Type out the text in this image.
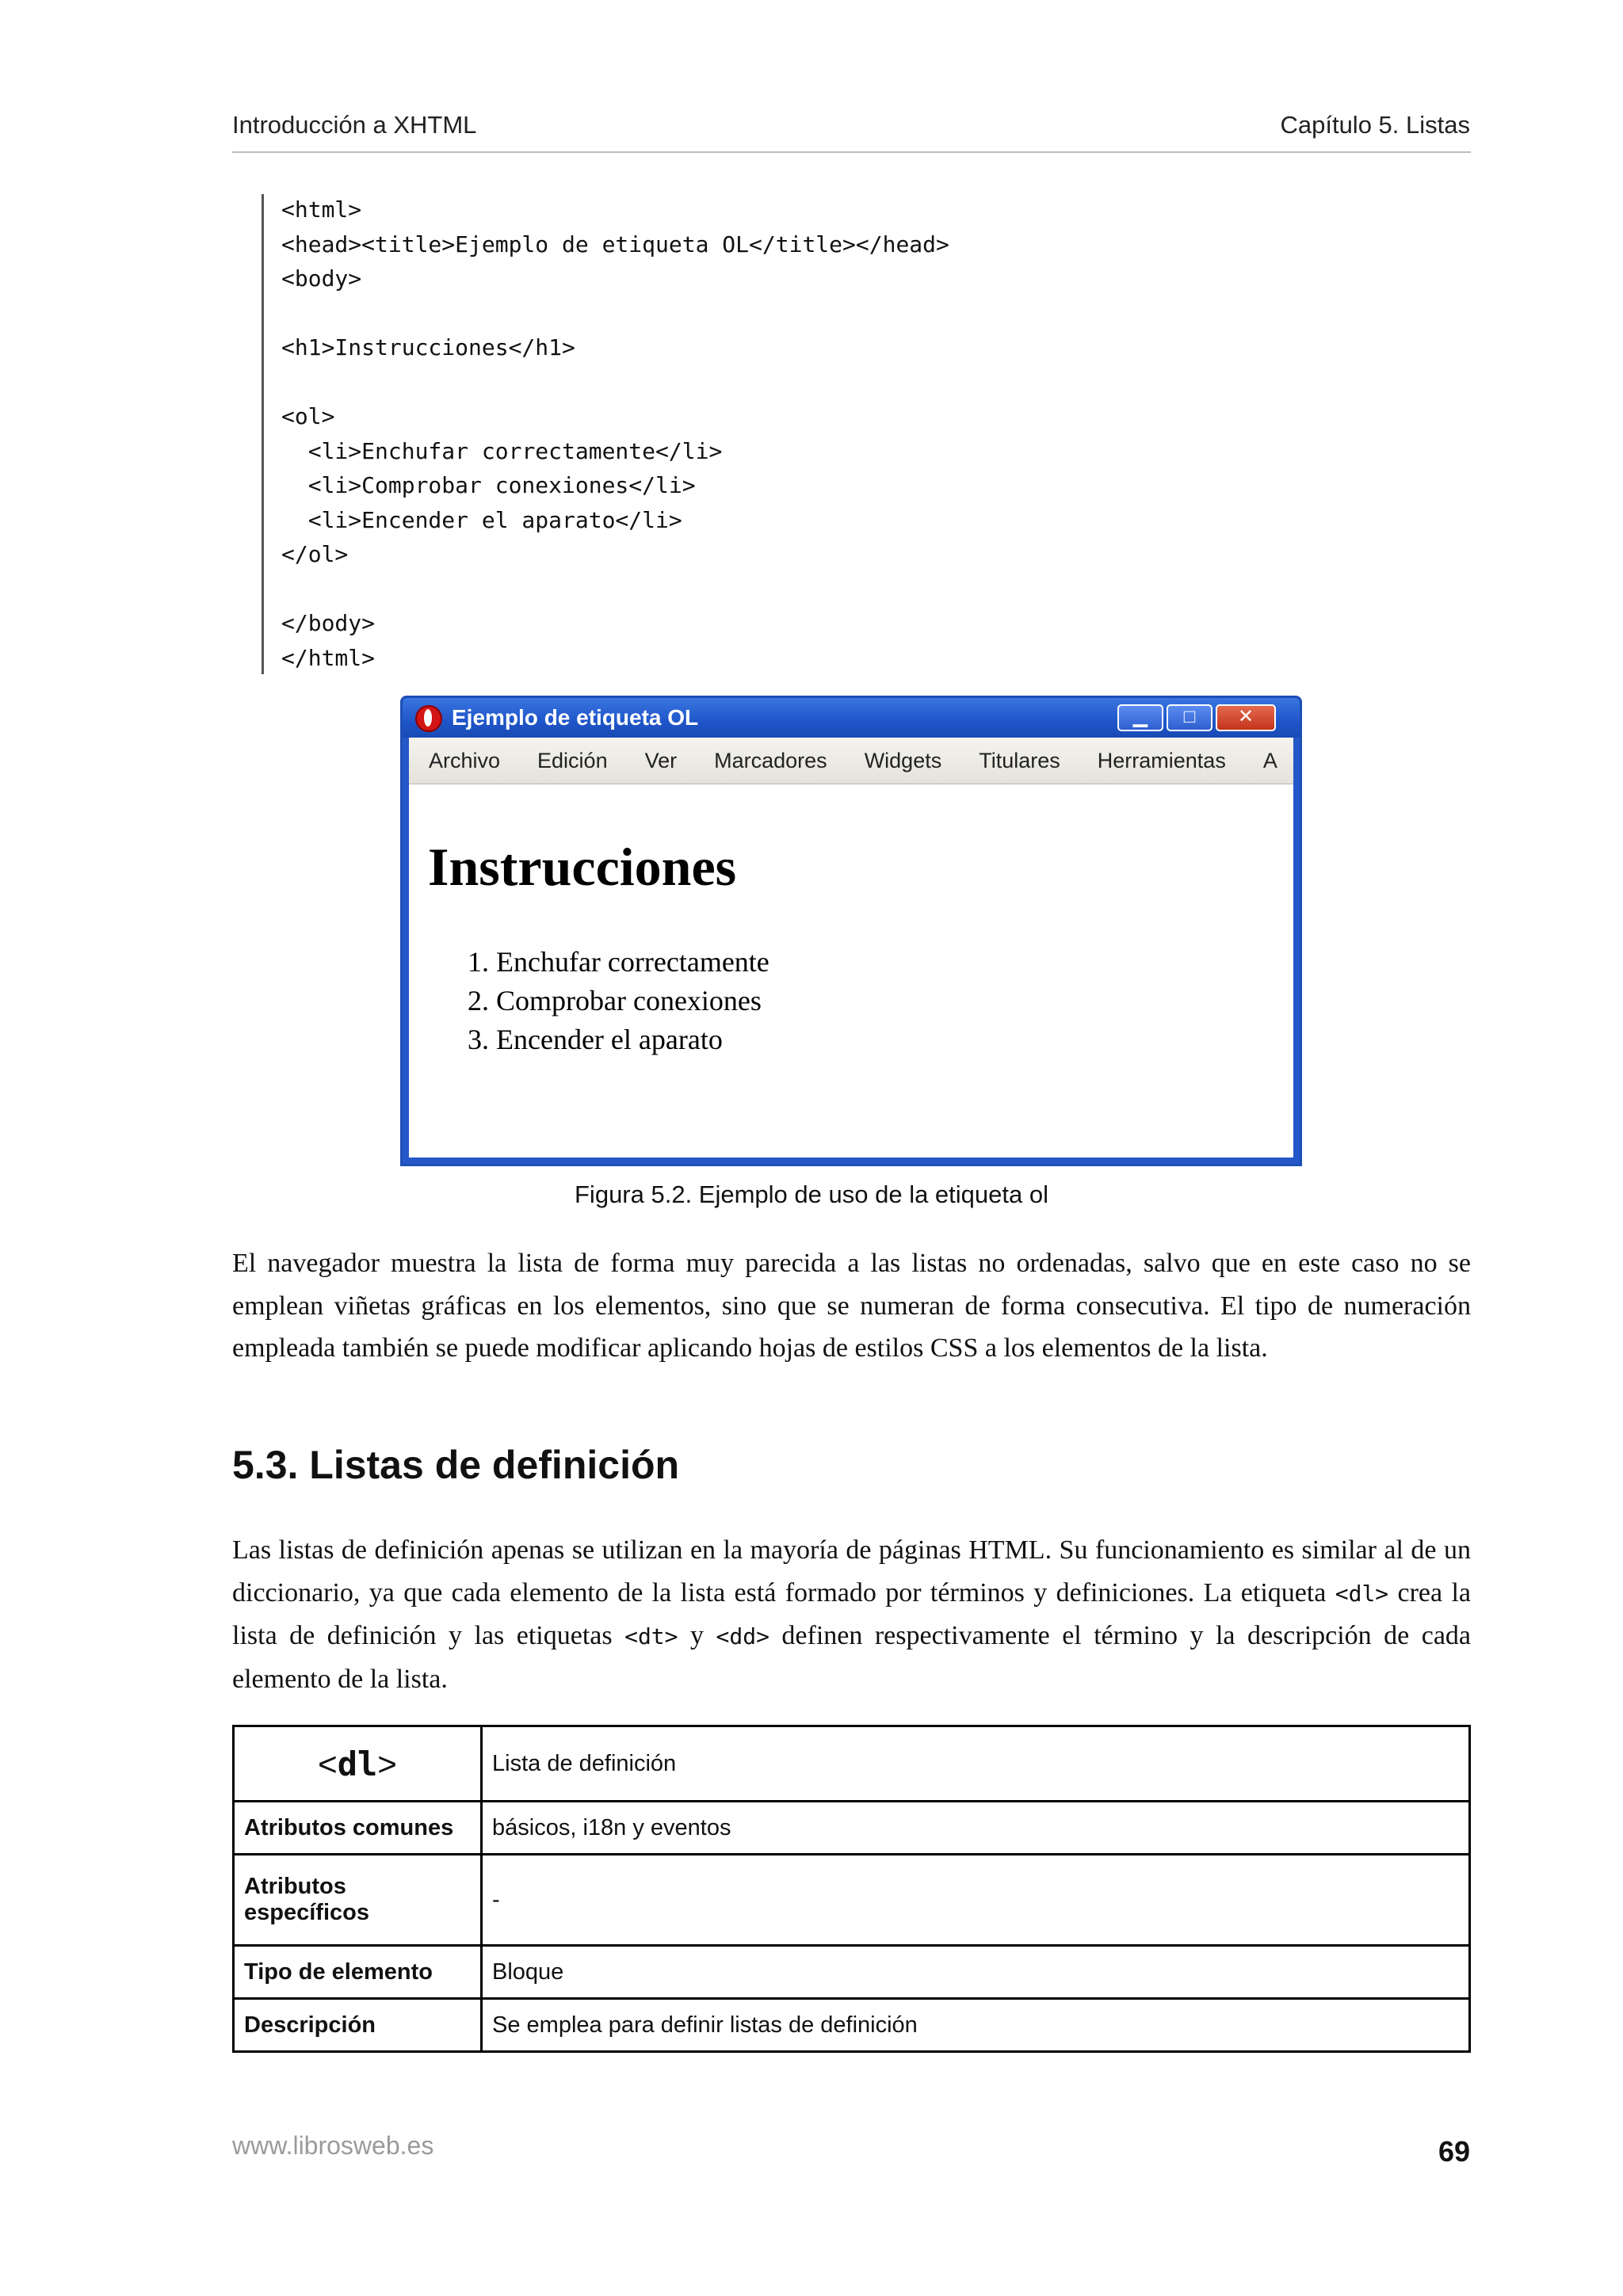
Introducción a XHTML	Capítulo 5. Listas
<html>
<head><title>Ejemplo de etiqueta OL</title></head>
<body>

<h1>Instrucciones</h1>

<ol>
<li>Enchufar correctamente</li>
<li>Comprobar conexiones</li>
<li>Encender el aparato</li>
</ol>

</body>
</html>
Ejemplo de etiqueta OL	▁	□	✕
Archivo Edición Ver Marcadores Widgets Titulares Herramientas A
Instrucciones
1. Enchufar correctamente
2. Comprobar conexiones
3. Encender el aparato
Figura 5.2. Ejemplo de uso de la etiqueta ol

El navegador muestra la lista de forma muy parecida a las listas no ordenadas, salvo que en este caso no se emplean viñetas gráficas en los elementos, sino que se numeran de forma consecutiva. El tipo de numeración empleada también se puede modificar aplicando hojas de estilos CSS a los elementos de la lista.

5.3. Listas de definición

Las listas de definición apenas se utilizan en la mayoría de páginas HTML. Su funcionamiento es similar al de un diccionario, ya que cada elemento de la lista está formado por términos y definiciones. La etiqueta <dl> crea la lista de definición y las etiquetas <dt> y <dd> definen respectivamente el término y la descripción de cada elemento de la lista.

<dl>	Lista de definición
Atributos comunes	básicos, i18n y eventos
Atributos específicos	-
Tipo de elemento	Bloque
Descripción	Se emplea para definir listas de definición
www.librosweb.es	69
